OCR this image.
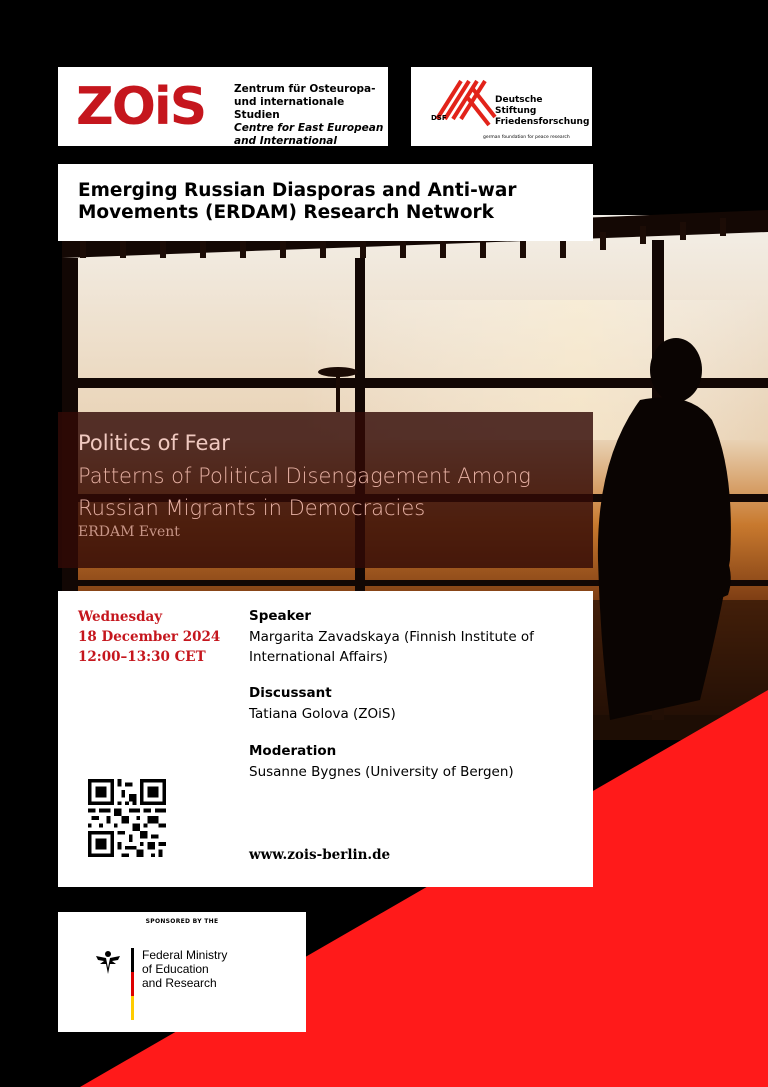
ZOiS	Zentrum für Osteuropa-
und internationale Studien
Centre for East European
and International Studies
DSF
Deutsche
Stiftung
Friedensforschung
german foundation for peace research
Emerging Russian Diasporas and Anti-war Movements (ERDAM) Research Network
Politics of Fear
Patterns of Political Disengagement Among Russian Migrants in Democracies
ERDAM Event
Wednesday
18 December 2024
12:00–13:30 CET
Speaker
Margarita Zavadskaya (Finnish Institute of International Affairs)
Discussant
Tatiana Golova (ZOiS)
Moderation
Susanne Bygnes (University of Bergen)
www.zois-berlin.de
SPONSORED BY THE
Federal Ministry
of Education
and Research
